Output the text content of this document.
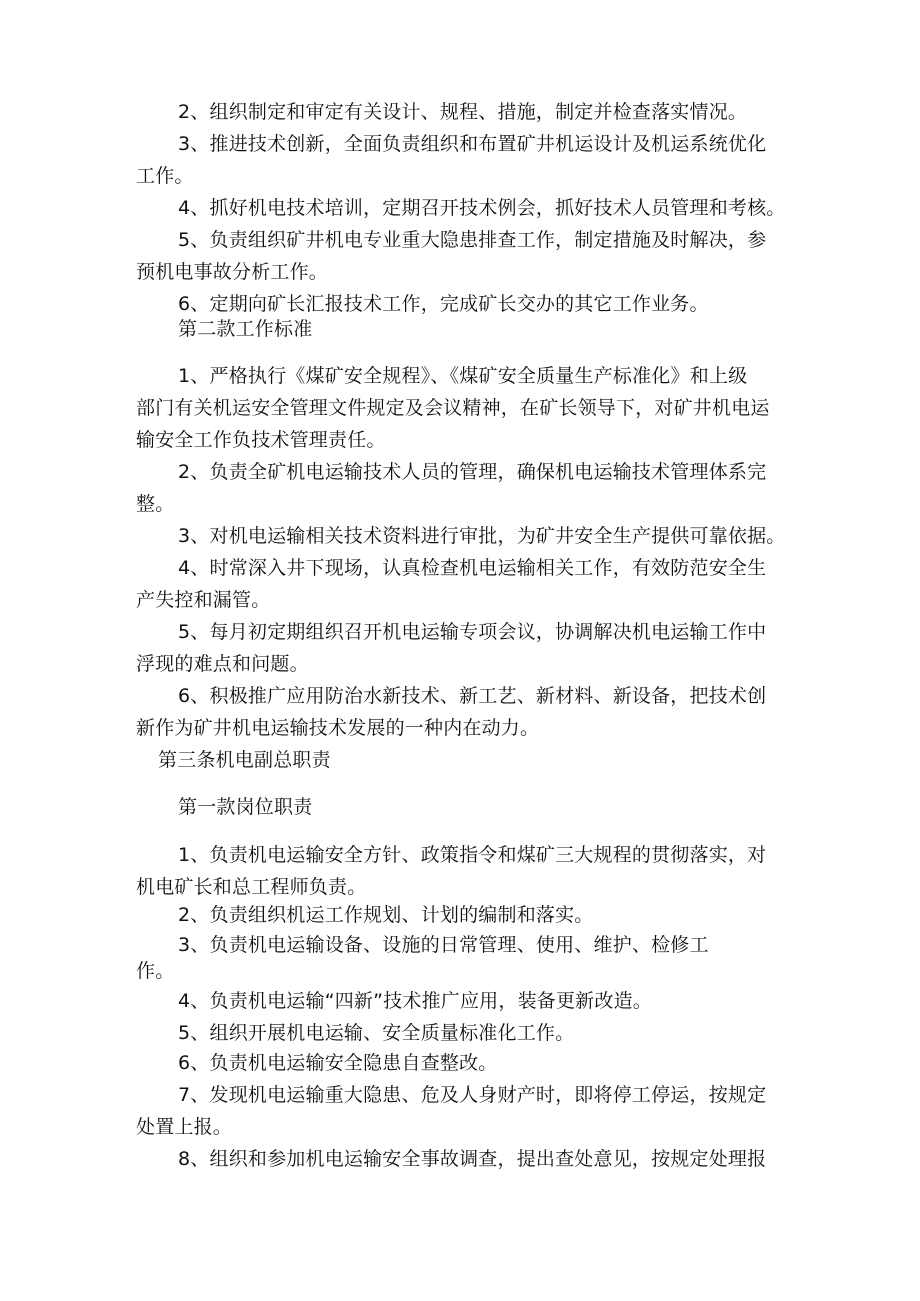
2、组织制定和审定有关设计、规程、措施，制定并检查落实情况。
3、推进技术创新，全面负责组织和布置矿井机运设计及机运系统优化
工作。
4、抓好机电技术培训，定期召开技术例会，抓好技术人员管理和考核。
5、负责组织矿井机电专业重大隐患排查工作，制定措施及时解决，参
预机电事故分析工作。
6、定期向矿长汇报技术工作，完成矿长交办的其它工作业务。
第二款工作标准
1、严格执行《煤矿安全规程》、《煤矿安全质量生产标准化》和上级
部门有关机运安全管理文件规定及会议精神，在矿长领导下，对矿井机电运
输安全工作负技术管理责任。
2、负责全矿机电运输技术人员的管理，确保机电运输技术管理体系完
整。
3、对机电运输相关技术资料进行审批，为矿井安全生产提供可靠依据。
4、时常深入井下现场，认真检查机电运输相关工作，有效防范安全生
产失控和漏管。
5、每月初定期组织召开机电运输专项会议，协调解决机电运输工作中
浮现的难点和问题。
6、积极推广应用防治水新技术、新工艺、新材料、新设备，把技术创
新作为矿井机电运输技术发展的一种内在动力。
第三条机电副总职责
第一款岗位职责
1、负责机电运输安全方针、政策指令和煤矿三大规程的贯彻落实，对
机电矿长和总工程师负责。
2、负责组织机运工作规划、计划的编制和落实。
3、负责机电运输设备、设施的日常管理、使用、维护、检修工
作。
4、负责机电运输“四新”技术推广应用，装备更新改造。
5、组织开展机电运输、安全质量标准化工作。
6、负责机电运输安全隐患自查整改。
7、发现机电运输重大隐患、危及人身财产时，即将停工停运，按规定
处置上报。
8、组织和参加机电运输安全事故调查，提出查处意见，按规定处理报
